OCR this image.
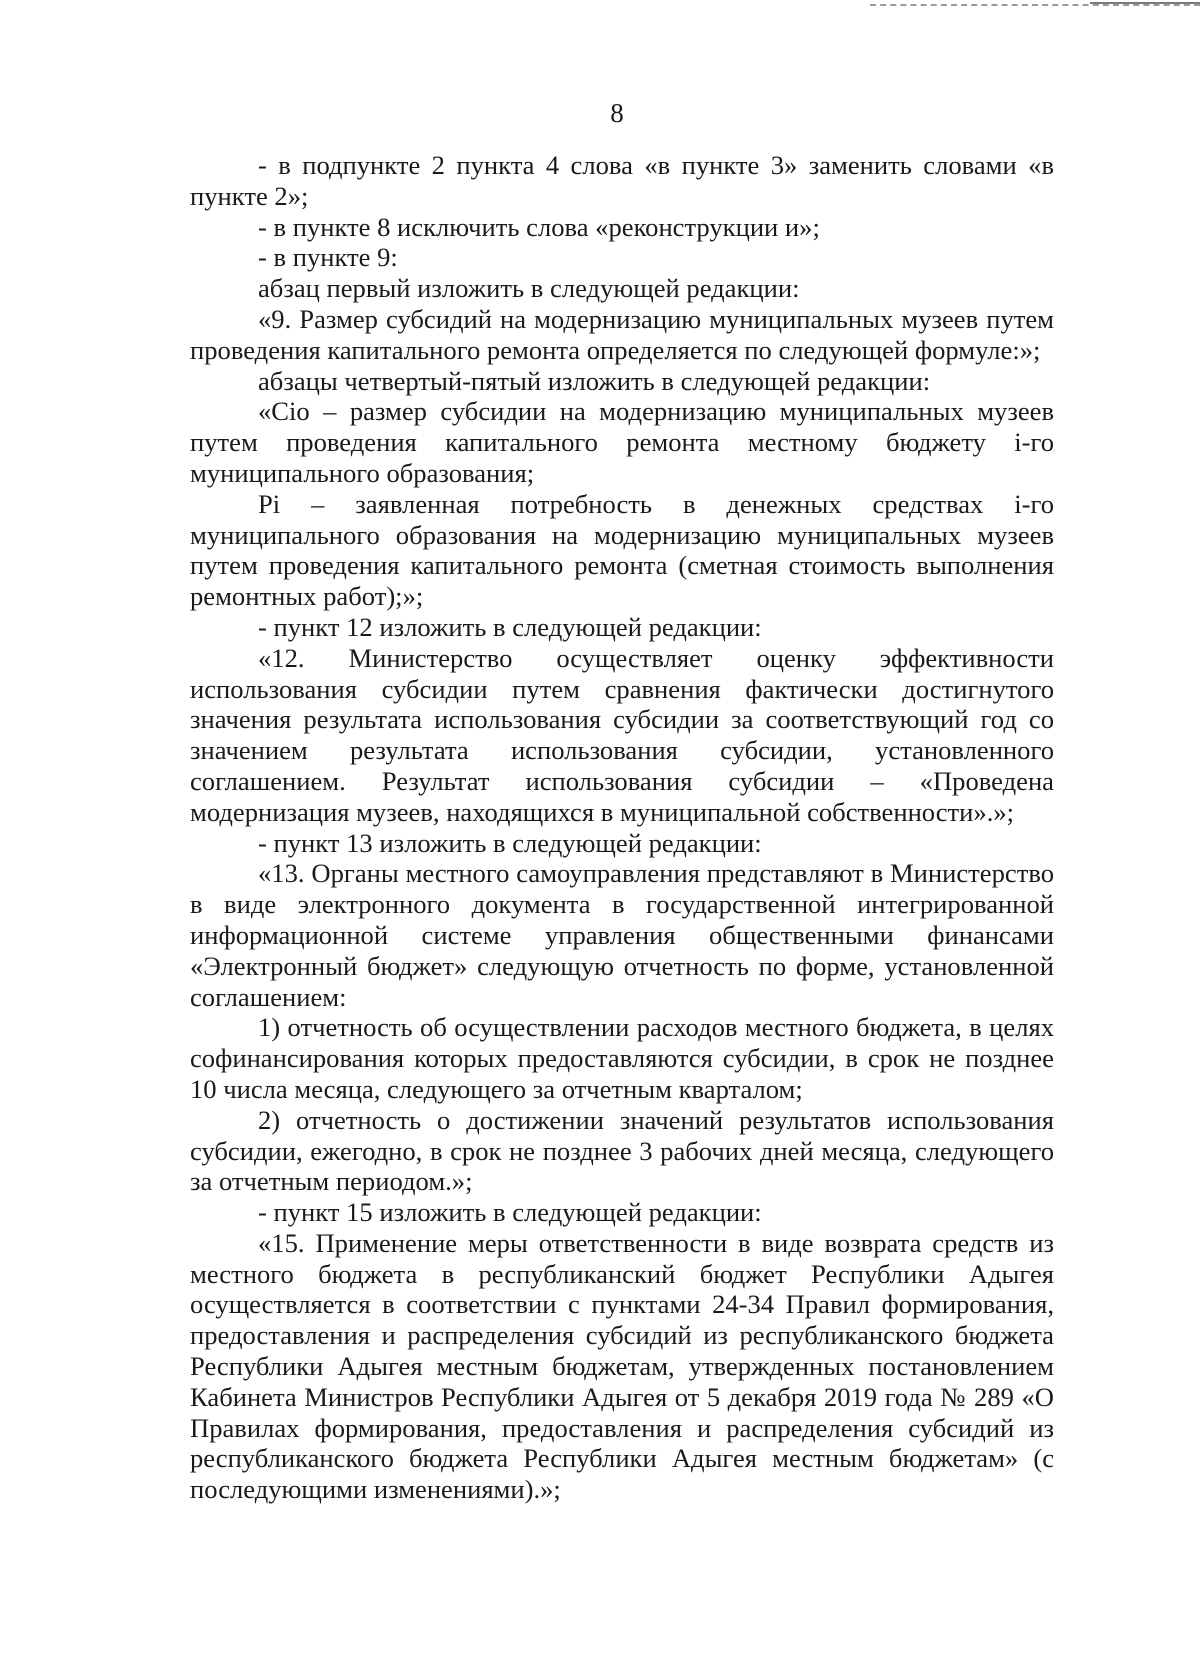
8

- в подпункте 2 пункта 4 слова «в пункте 3» заменить словами «в пункте 2»;

- в пункте 8 исключить слова «реконструкции и»;

- в пункте 9:

абзац первый изложить в следующей редакции:

«9. Размер субсидий на модернизацию муниципальных музеев путем проведения капитального ремонта определяется по следующей формуле:»;

абзацы четвертый-пятый изложить в следующей редакции:

«Сio – размер субсидии на модернизацию муниципальных музеев путем проведения капитального ремонта местному бюджету i-го муниципального образования;

Pi – заявленная потребность в денежных средствах i-го муниципального образования на модернизацию муниципальных музеев путем проведения капитального ремонта (сметная стоимость выполнения ремонтных работ);»;

- пункт 12 изложить в следующей редакции:

«12. Министерство осуществляет оценку эффективности использования субсидии путем сравнения фактически достигнутого значения результата использования субсидии за соответствующий год со значением результата использования субсидии, установленного соглашением. Результат использования субсидии – «Проведена модернизация музеев, находящихся в муниципальной собственности».»;

- пункт 13 изложить в следующей редакции:

«13. Органы местного самоуправления представляют в Министерство в виде электронного документа в государственной интегрированной информационной системе управления общественными финансами «Электронный бюджет» следующую отчетность по форме, установленной соглашением:

1) отчетность об осуществлении расходов местного бюджета, в целях софинансирования которых предоставляются субсидии, в срок не позднее 10 числа месяца, следующего за отчетным кварталом;

2) отчетность о достижении значений результатов использования субсидии, ежегодно, в срок не позднее 3 рабочих дней месяца, следующего за отчетным периодом.»;

- пункт 15 изложить в следующей редакции:

«15. Применение меры ответственности в виде возврата средств из местного бюджета в республиканский бюджет Республики Адыгея осуществляется в соответствии с пунктами 24-34 Правил формирования, предоставления и распределения субсидий из республиканского бюджета Республики Адыгея местным бюджетам, утвержденных постановлением Кабинета Министров Республики Адыгея от 5 декабря 2019 года № 289 «О Правилах формирования, предоставления и распределения субсидий из республиканского бюджета Республики Адыгея местным бюджетам» (с последующими изменениями).»;
